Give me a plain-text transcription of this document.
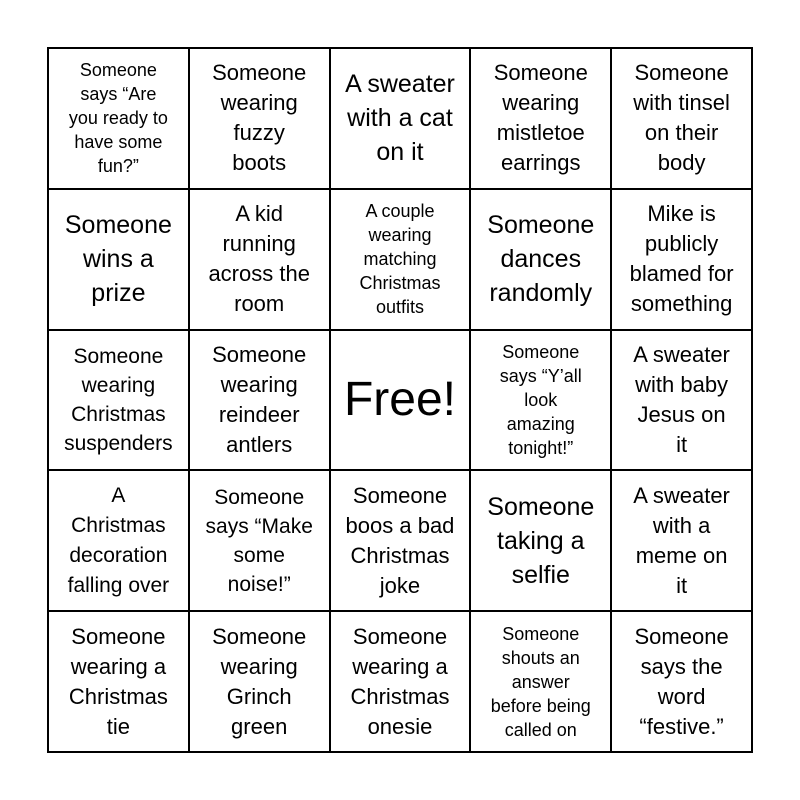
Someone
says “Are
you ready to
have some
fun?”
Someone
wearing
fuzzy
boots
A sweater
with a cat
on it
Someone
wearing
mistletoe
earrings
Someone
with tinsel
on their
body
Someone
wins a
prize
A kid
running
across the
room
A couple
wearing
matching
Christmas
outfits
Someone
dances
randomly
Mike is
publicly
blamed for
something
Someone
wearing
Christmas
suspenders
Someone
wearing
reindeer
antlers
Free!
Someone
says “Y’all
look
amazing
tonight!”
A sweater
with baby
Jesus on
it
A
Christmas
decoration
falling over
Someone
says “Make
some
noise!”
Someone
boos a bad
Christmas
joke
Someone
taking a
selfie
A sweater
with a
meme on
it
Someone
wearing a
Christmas
tie
Someone
wearing
Grinch
green
Someone
wearing a
Christmas
onesie
Someone
shouts an
answer
before being
called on
Someone
says the
word
“festive.”
